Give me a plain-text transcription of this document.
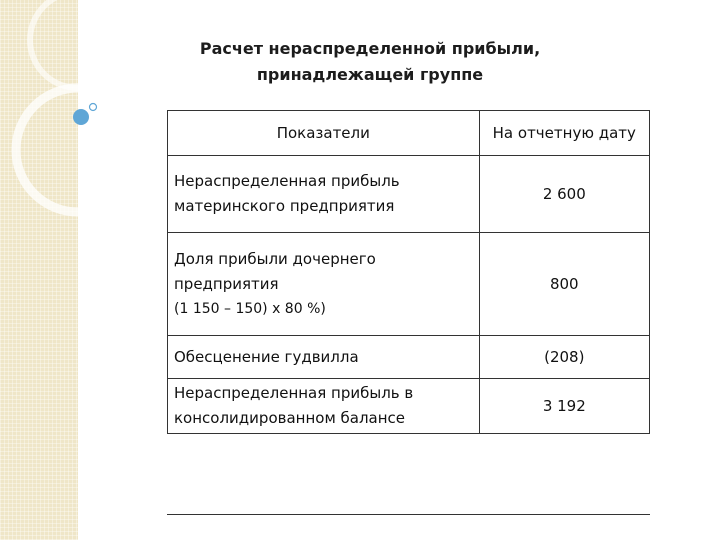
Расчет нераспределенной прибыли,
принадлежащей группе
Показатели	На отчетную дату
Нераспределенная прибыль материнского предприятия	2 600
Доля прибыли дочернего предприятия
(1 150 – 150) х 80 %)	800
Обесценение гудвилла	(208)
Нераспределенная прибыль в консолидированном балансе	3 192
